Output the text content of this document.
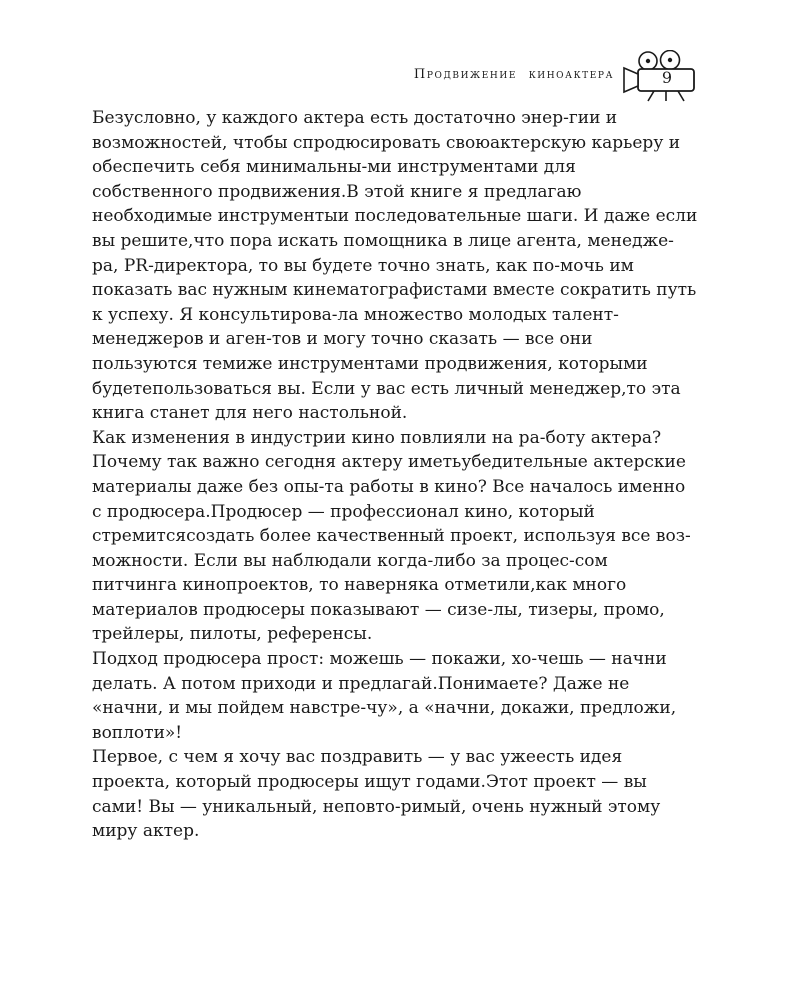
Продвижение киноактера	9
Безусловно, у каждого актера есть достаточно энер-гии и возможностей, чтобы спродюсировать своюактерскую карьеру и обеспечить себя минимальны-ми инструментами для собственного продвижения.В этой книге я предлагаю необходимые инструментыи последовательные шаги. И даже если вы решите,что пора искать помощника в лице агента, менедже-ра, PR-директора, то вы будете точно знать, как по-мочь им показать вас нужным кинематографистами вместе сократить путь к успеху. Я консультирова-ла множество молодых талент-менеджеров и аген-тов и могу точно сказать — все они пользуются темиже инструментами продвижения, которыми будетепользоваться вы. Если у вас есть личный менеджер,то эта книга станет для него настольной.
Как изменения в индустрии кино повлияли на ра-боту актера? Почему так важно сегодня актеру иметьубедительные актерские материалы даже без опы-та работы в кино? Все началось именно с продюсера.Продюсер — профессионал кино, который стремитсясоздать более качественный проект, используя все воз-можности. Если вы наблюдали когда-либо за процес-сом питчинга кинопроектов, то наверняка отметили,как много материалов продюсеры показывают — сизе-лы, тизеры, промо, трейлеры, пилоты, референсы.
Подход продюсера прост: можешь — покажи, хо-чешь — начни делать. А потом приходи и предлагай.Понимаете? Даже не «начни, и мы пойдем навстре-чу», а «начни, докажи, предложи, воплоти»!
Первое, с чем я хочу вас поздравить — у вас ужеесть идея проекта, который продюсеры ищут годами.Этот проект — вы сами! Вы — уникальный, неповто-римый, очень нужный этому миру актер.
